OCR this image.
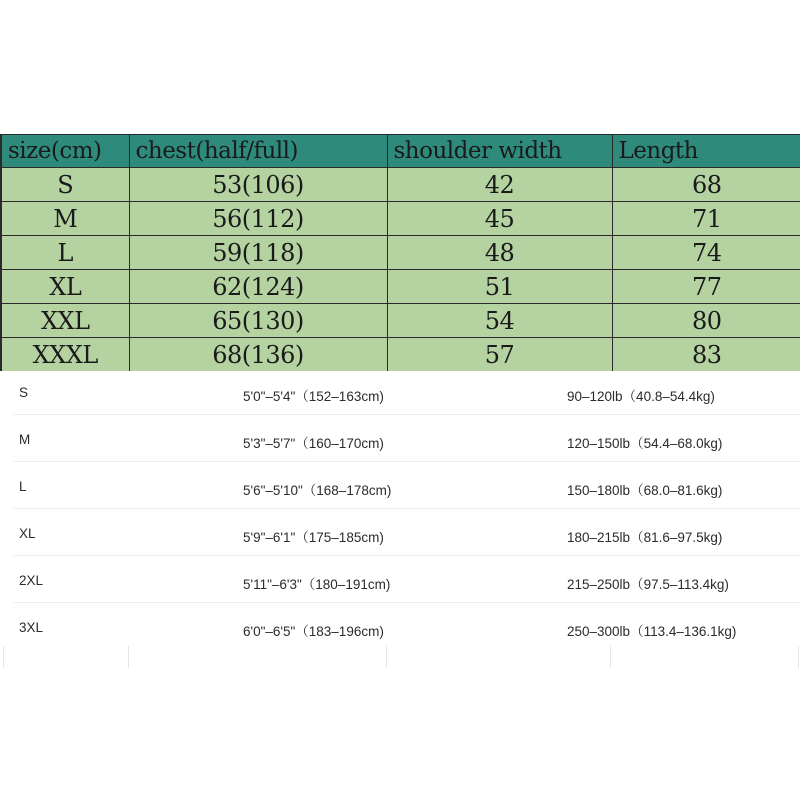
size(cm)	chest(half/full)	shoulder width	Length
S	53(106)	42	68
M	56(112)	45	71
L	59(118)	48	74
XL	62(124)	51	77
XXL	65(130)	54	80
XXXL	68(136)	57	83
S	5'0"–5'4"（152–163cm)	90–120lb（40.8–54.4kg)
M	5'3"–5'7"（160–170cm)	120–150lb（54.4–68.0kg)
L	5'6"–5'10"（168–178cm)	150–180lb（68.0–81.6kg)
XL	5'9"–6'1"（175–185cm)	180–215lb（81.6–97.5kg)
2XL	5'11"–6'3"（180–191cm)	215–250lb（97.5–113.4kg)
3XL	6'0"–6'5"（183–196cm)	250–300lb（113.4–136.1kg)
